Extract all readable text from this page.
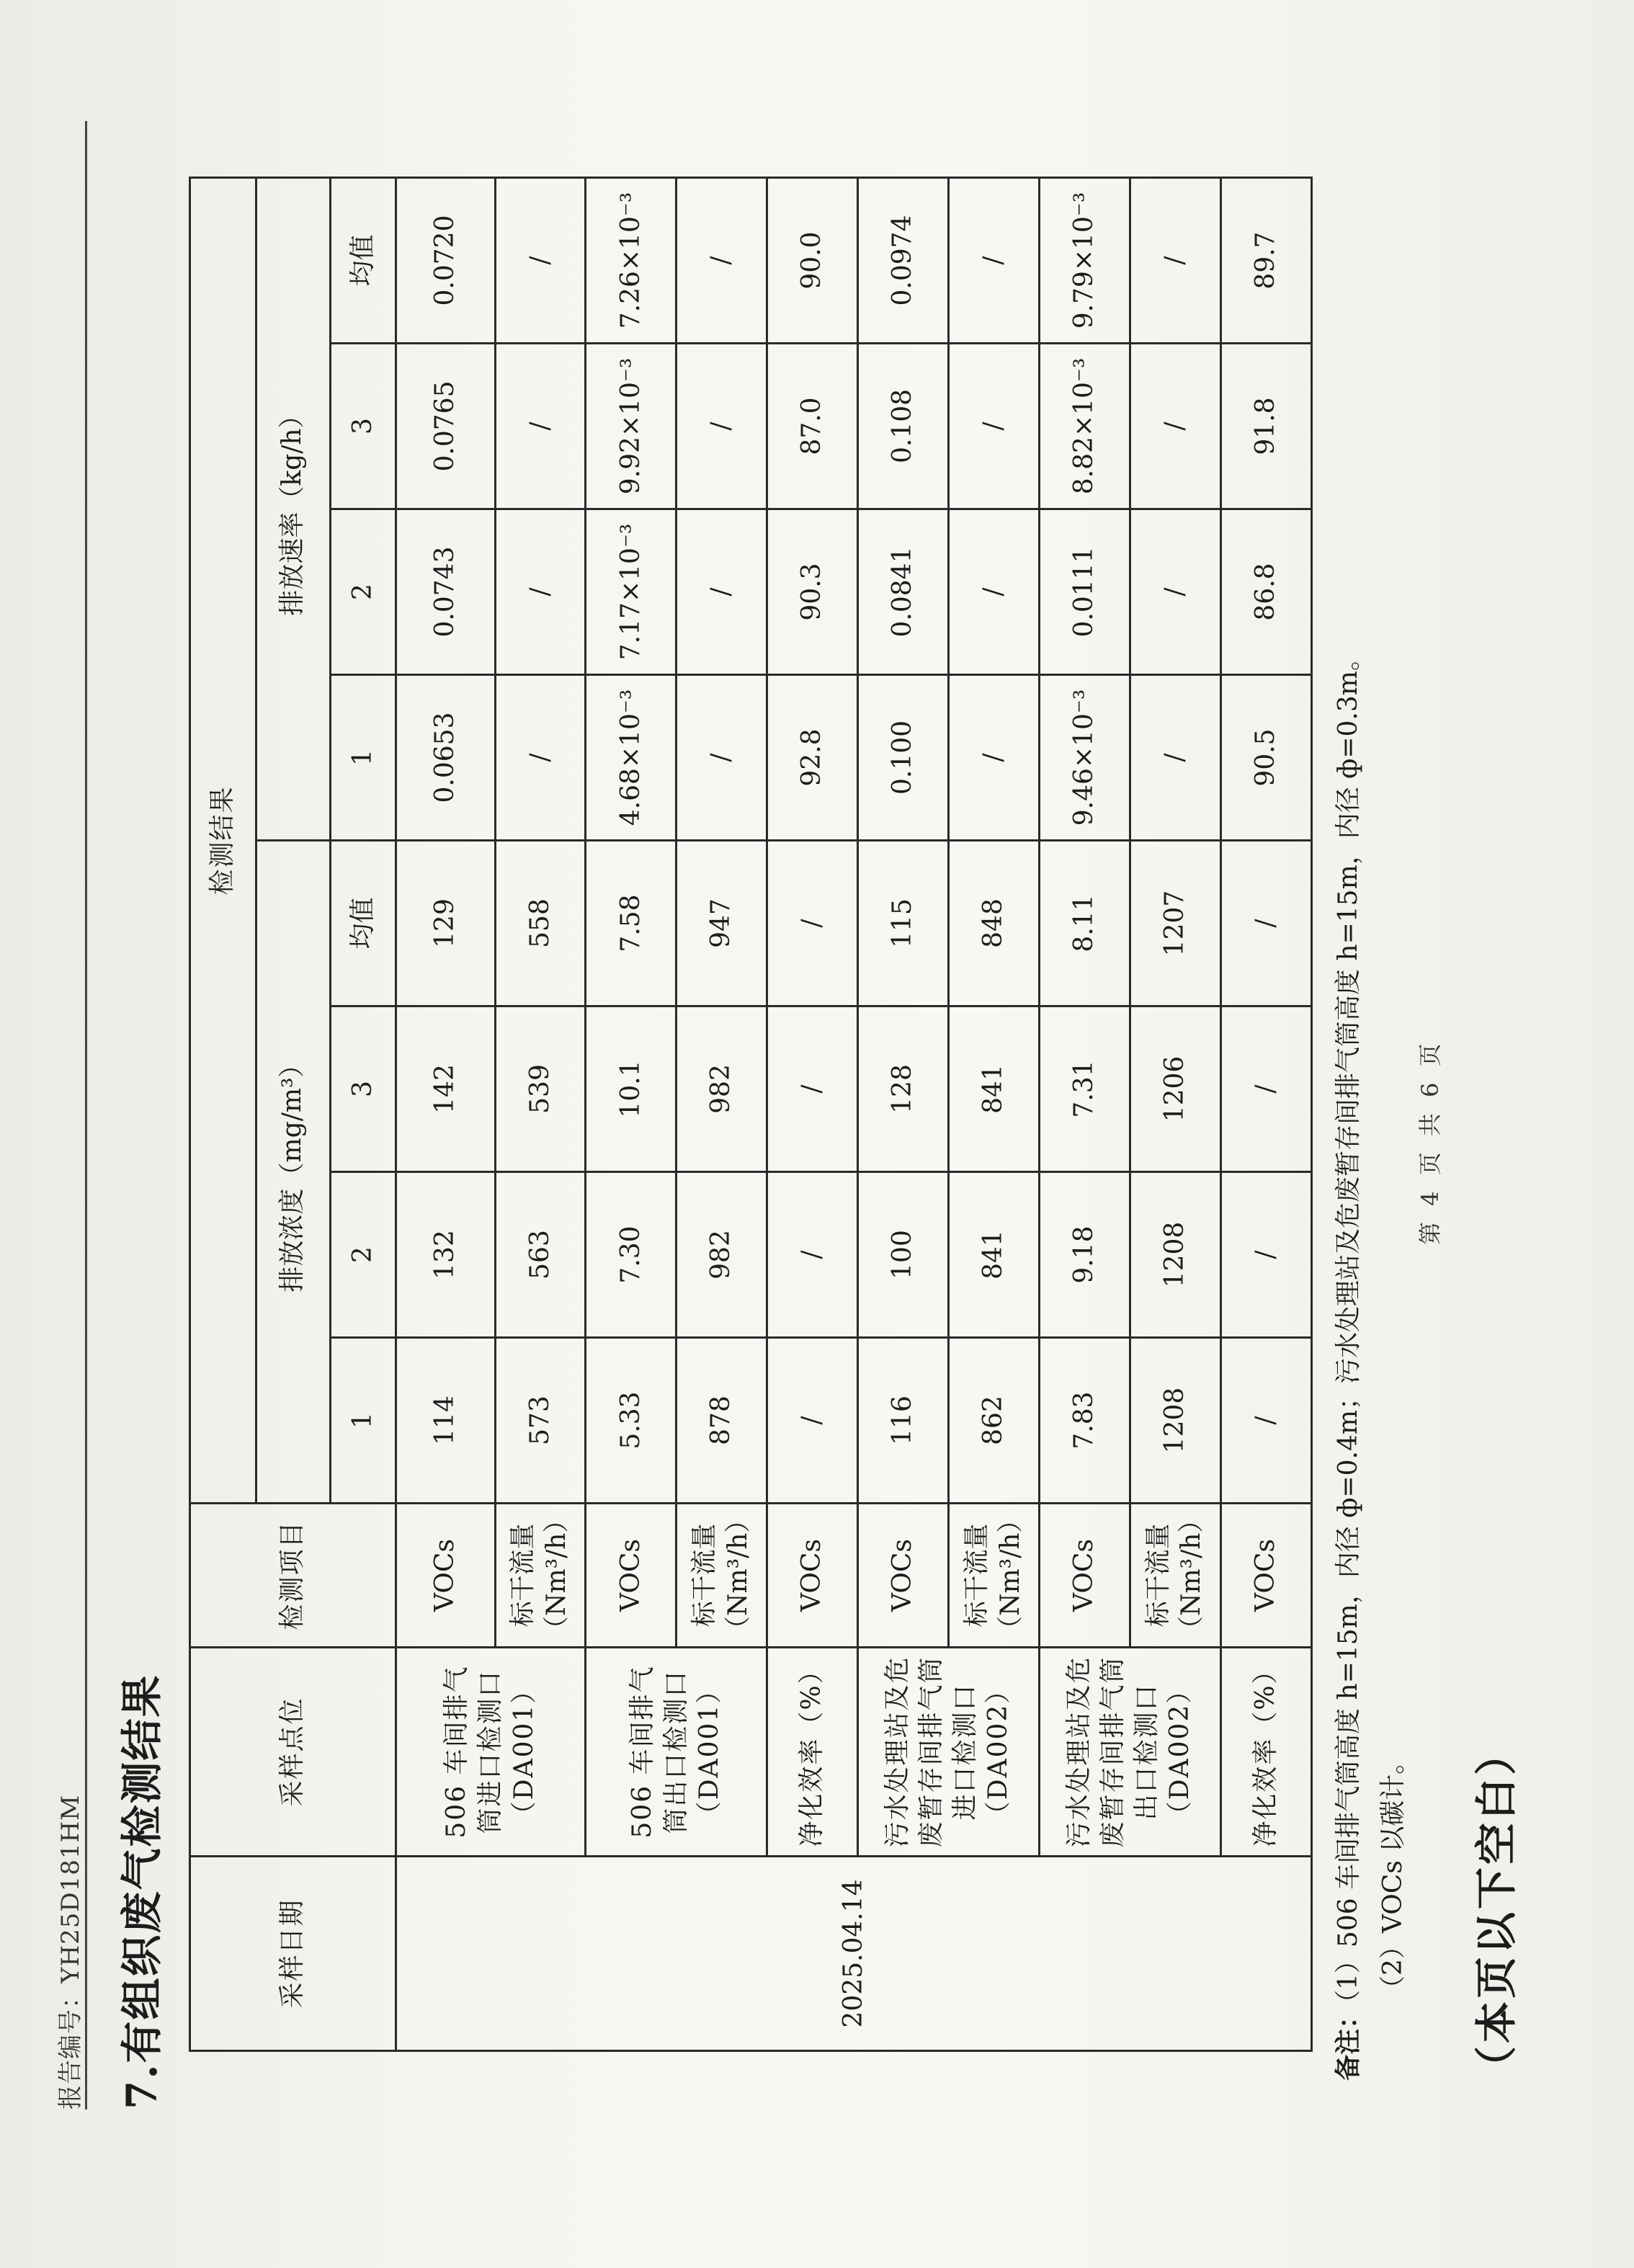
报告编号：YH25D181HM 7.有组织废气检测结果	采样日期	采样点位	检测项目	检测结果							
			排放浓度（mg/m³）				排放速率（kg/h）			
			1	2	3	均值	1	2	3	均值
2025.04.14	506 车间排气筒进口检测口（DA001）	VOCs	114	132	142	129	0.0653	0.0743	0.0765	0.0720
		标干流量（Nm³/h）	573	563	539	558	/	/	/	/
	506 车间排气筒出口检测口（DA001）	VOCs	5.33	7.30	10.1	7.58	4.68×10⁻³	7.17×10⁻³	9.92×10⁻³	7.26×10⁻³
		标干流量（Nm³/h）	878	982	982	947	/	/	/	/
	净化效率（%）	VOCs	/	/	/	/	92.8	90.3	87.0	90.0
	污水处理站及危废暂存间排气筒进口检测口（DA002）	VOCs	116	100	128	115	0.100	0.0841	0.108	0.0974
		标干流量（Nm³/h）	862	841	841	848	/	/	/	/
	污水处理站及危废暂存间排气筒出口检测口（DA002）	VOCs	7.83	9.18	7.31	8.11	9.46×10⁻³	0.0111	8.82×10⁻³	9.79×10⁻³
		标干流量（Nm³/h）	1208	1208	1206	1207	/	/	/	/
	净化效率（%）	VOCs	/	/	/	/	90.5	86.8	91.8	89.7
备注：（1）506 车间排气筒高度 h=15m，内径 ф=0.4m；污水处理站及危废暂存间排气筒高度 h=15m，内径 ф=0.3m。 （2）VOCs 以碳计。
第 4 页 共 6 页
（本页以下空白）
